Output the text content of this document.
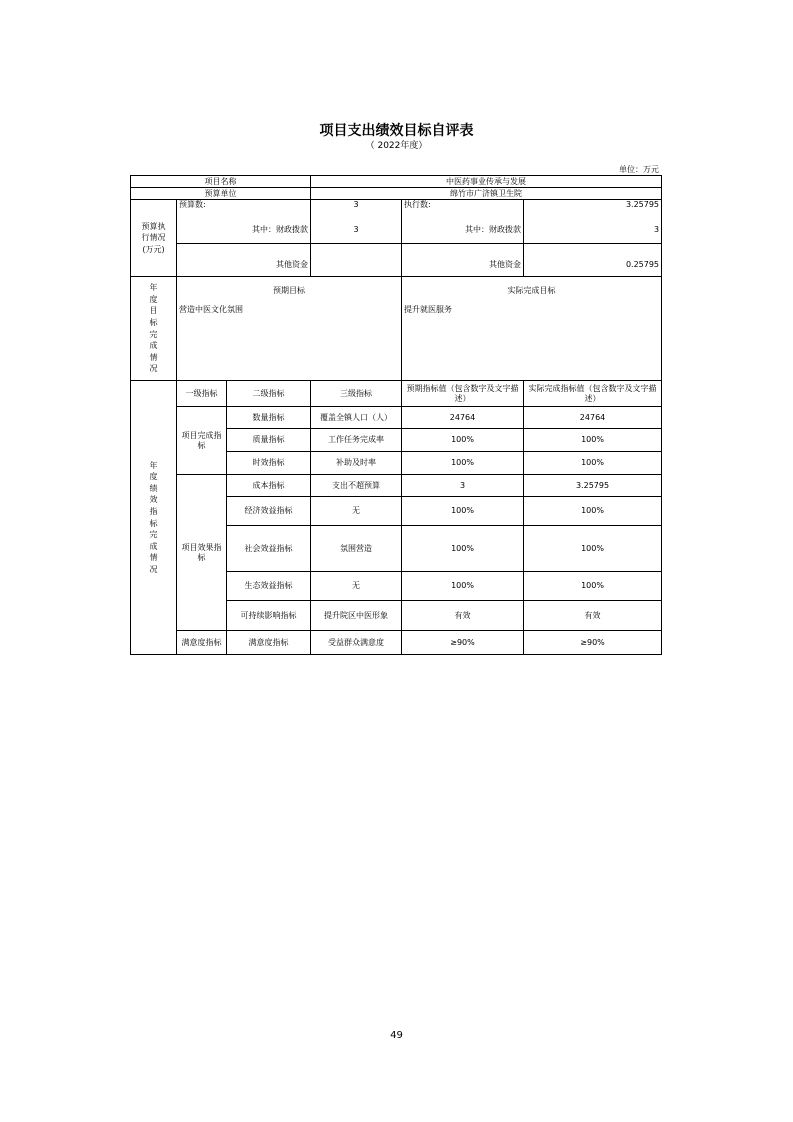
项目支出绩效目标自评表
（ 2022年度）
单位：万元
项目名称			中医药事业传承与发展		
预算单位			绵竹市广济镇卫生院		
预算执行情况(万元)	预算数:		3	执行数:	3.25795
	其中：财政拨款		3	其中：财政拨款	3

	其他资金			其他资金	0.25795
年度目标完成情况	预期目标			实际完成目标	
	营造中医文化氛围			提升就医服务	
年度绩效指标完成情况	一级指标	二级指标	三级指标	预期指标值（包含数字及文字描述）	实际完成指标值（包含数字及文字描述）
	项目完成指标	数量指标	覆盖全镇人口（人）	24764	24764
		质量指标	工作任务完成率	100%	100%
		时效指标	补助及时率	100%	100%
	项目效果指标	成本指标	支出不超预算	3	3.25795
		经济效益指标	无	100%	100%
		社会效益指标	氛围营造	100%	100%
		生态效益指标	无	100%	100%
		可持续影响指标	提升院区中医形象	有效	有效
	满意度指标	满意度指标	受益群众满意度	≥90%	≥90%
49
